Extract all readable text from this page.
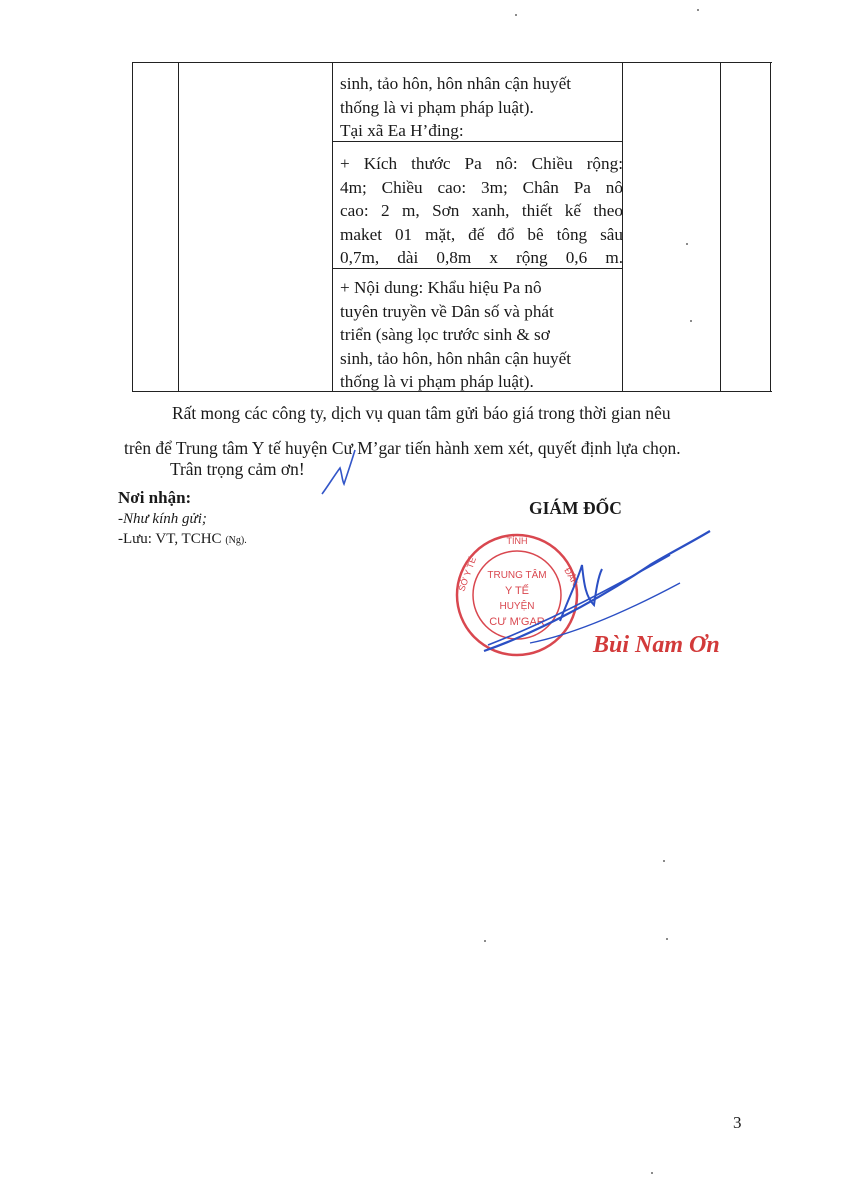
sinh, tảo hôn, hôn nhân cận huyết
thống là vi phạm pháp luật).
Tại xã Ea H’đing:
+ Kích thước Pa nô: Chiều rộng:
4m; Chiều cao: 3m; Chân Pa nô
cao: 2 m, Sơn xanh, thiết kế theo
maket 01 mặt, đế đổ bê tông sâu
0,7m, dài 0,8m x rộng 0,6 m.
+ Nội dung: Khẩu hiệu Pa nô
tuyên truyền về Dân số và phát
triển (sàng lọc trước sinh & sơ
sinh, tảo hôn, hôn nhân cận huyết
thống là vi phạm pháp luật).
Rất mong các công ty, dịch vụ quan tâm gửi báo giá trong thời gian nêu
trên để Trung tâm Y tế huyện Cư M’gar tiến hành xem xét, quyết định lựa chọn.
Trân trọng cảm ơn!
Nơi nhận:
-Như kính gửi;
-Lưu: VT, TCHC (Ng).
GIÁM ĐỐC
TỈNH
SỞ Y TẾ	ĐẮK
TRUNG TÂM
Y TẾ
HUYỆN
CƯ M'GAR
Bùi Nam Ơn
3
